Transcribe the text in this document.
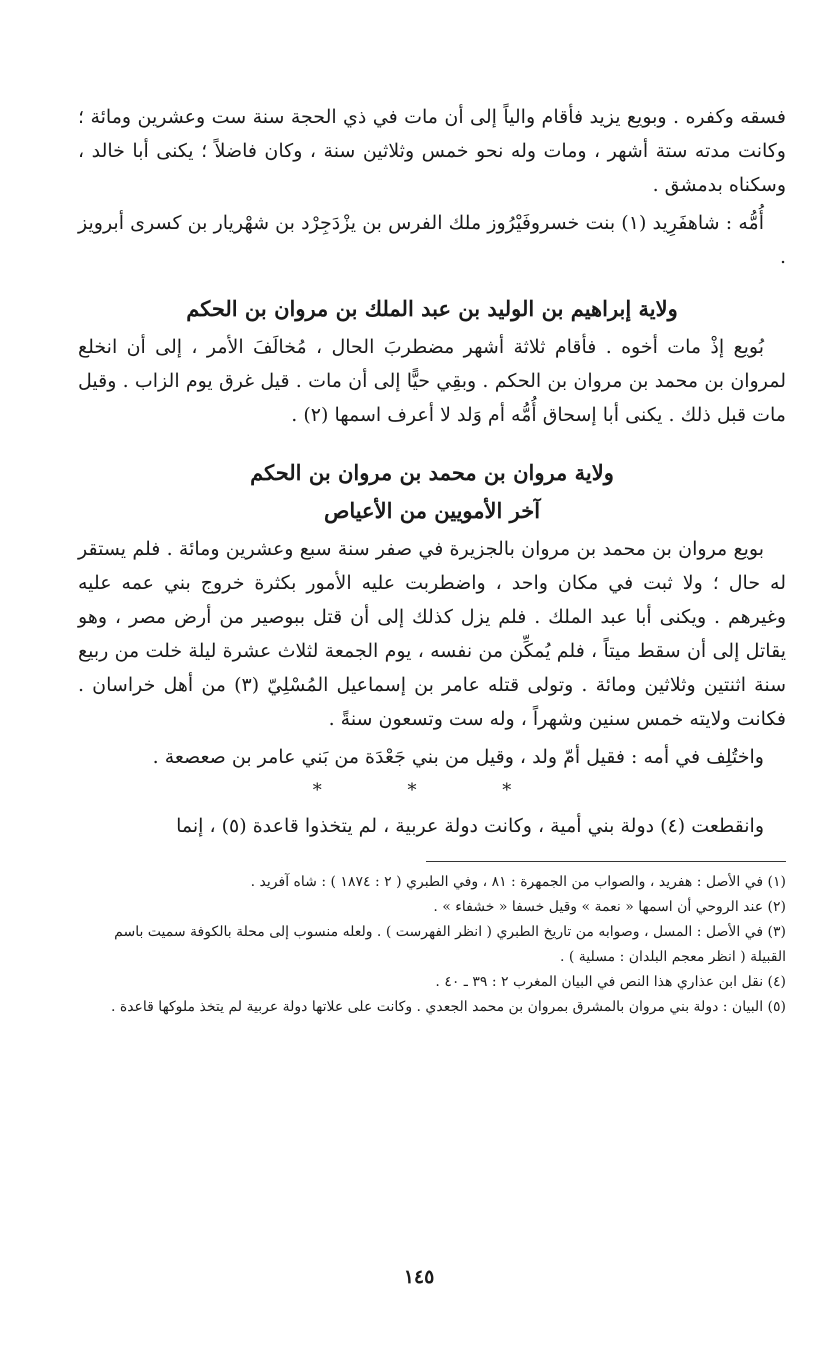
فسقه وكفره . وبويع يزيد فأقام والياً إلى أن مات في ذي الحجة سنة ست وعشرين ومائة ؛ وكانت مدته ستة أشهر ، ومات وله نحو خمس وثلاثين سنة ، وكان فاضلاً ؛ يكنى أبا خالد ، وسكناه بدمشق .

أُمُّه : شاهفَرِيد (١) بنت خسروفَيْرُوز ملك الفرس بن يزْدَجِرْد بن شهْريار بن كسرى أبرويز .

ولاية إبراهيم بن الوليد بن عبد الملك بن مروان بن الحكم

بُويع إذْ مات أخوه . فأقام ثلاثة أشهر مضطربَ الحال ، مُخالَفَ الأمر ، إلى أن انخلع لمروان بن محمد بن مروان بن الحكم . وبقِي حيًّا إلى أن مات . قيل غرق يوم الزاب . وقيل مات قبل ذلك . يكنى أبا إسحاق أُمُّه أم وَلد لا أعرف اسمها (٢) .

ولاية مروان بن محمد بن مروان بن الحكم
آخر الأمويين من الأعياص

بويع مروان بن محمد بن مروان بالجزيرة في صفر سنة سبع وعشرين ومائة . فلم يستقر له حال ؛ ولا ثبت في مكان واحد ، واضطربت عليه الأمور بكثرة خروج بني عمه عليه وغيرهم . ويكنى أبا عبد الملك . فلم يزل كذلك إلى أن قتل ببوصير من أرض مصر ، وهو يقاتل إلى أن سقط ميتاً ، فلم يُمكِّن من نفسه ، يوم الجمعة لثلاث عشرة ليلة خلت من ربيع سنة اثنتين وثلاثين ومائة . وتولى قتله عامر بن إسماعيل المُسْلِيّ (٣) من أهل خراسان . فكانت ولايته خمس سنين وشهراً ، وله ست وتسعون سنةً .

واختُلِف في أمه : فقيل أمّ ولد ، وقيل من بني جَعْدَة من بَني عامر بن صعصعة .

* * *

وانقطعت (٤) دولة بني أمية ، وكانت دولة عربية ، لم يتخذوا قاعدة (٥) ، إنما

(١) في الأصل : هفريد ، والصواب من الجمهرة : ٨١ ، وفي الطبري ( ٢ : ١٨٧٤ ) : شاه آفريد .

(٢) عند الروحي أن اسمها « نعمة » وقيل خسفا « خشفاء » .

(٣) في الأصل : المسل ، وصوابه من تاريخ الطبري ( انظر الفهرست ) . ولعله منسوب إلى محلة بالكوفة سميت باسم القبيلة ( انظر معجم البلدان : مسلية ) .

(٤) نقل ابن عذاري هذا النص في البيان المغرب ٢ : ٣٩ ـ ٤٠ .

(٥) البيان : دولة بني مروان بالمشرق بمروان بن محمد الجعدي . وكانت على علاتها دولة عربية لم يتخذ ملوكها قاعدة .

١٤٥
